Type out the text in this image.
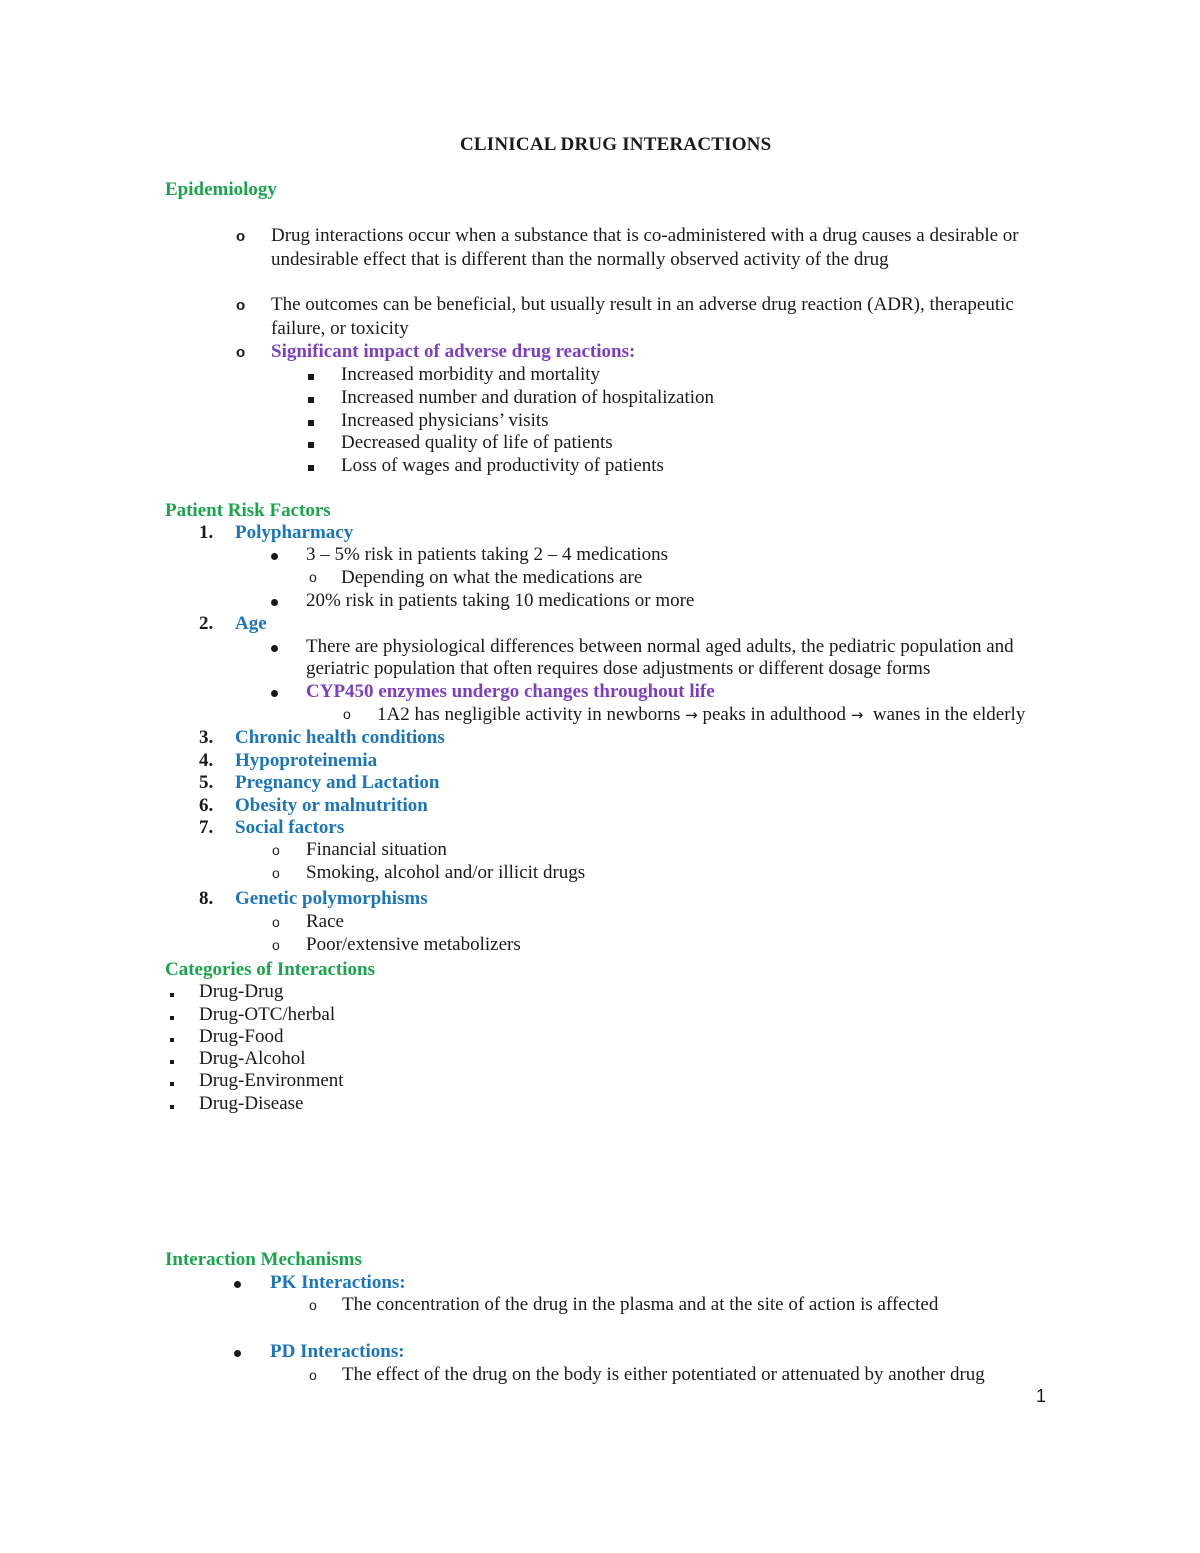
CLINICAL DRUG INTERACTIONS
Epidemiology
o Drug interactions occur when a substance that is co-administered with a drug causes a desirable or
undesirable effect that is different than the normally observed activity of the drug
o The outcomes can be beneficial, but usually result in an adverse drug reaction (ADR), therapeutic
failure, or toxicity
o Significant impact of adverse drug reactions:
Increased morbidity and mortality
Increased number and duration of hospitalization
Increased physicians’ visits
Decreased quality of life of patients
Loss of wages and productivity of patients
Patient Risk Factors
1. Polypharmacy
3 – 5% risk in patients taking 2 – 4 medications
o Depending on what the medications are
20% risk in patients taking 10 medications or more
2. Age
There are physiological differences between normal aged adults, the pediatric population and
geriatric population that often requires dose adjustments or different dosage forms
CYP450 enzymes undergo changes throughout life
o 1A2 has negligible activity in newborns → peaks in adulthood → wanes in the elderly
3. Chronic health conditions
4. Hypoproteinemia
5. Pregnancy and Lactation
6. Obesity or malnutrition
7. Social factors
o Financial situation
o Smoking, alcohol and/or illicit drugs
8. Genetic polymorphisms
o Race
o Poor/extensive metabolizers
Categories of Interactions
Drug-Drug
Drug-OTC/herbal
Drug-Food
Drug-Alcohol
Drug-Environment
Drug-Disease
Interaction Mechanisms
PK Interactions:
o The concentration of the drug in the plasma and at the site of action is affected
PD Interactions:
o The effect of the drug on the body is either potentiated or attenuated by another drug
1
